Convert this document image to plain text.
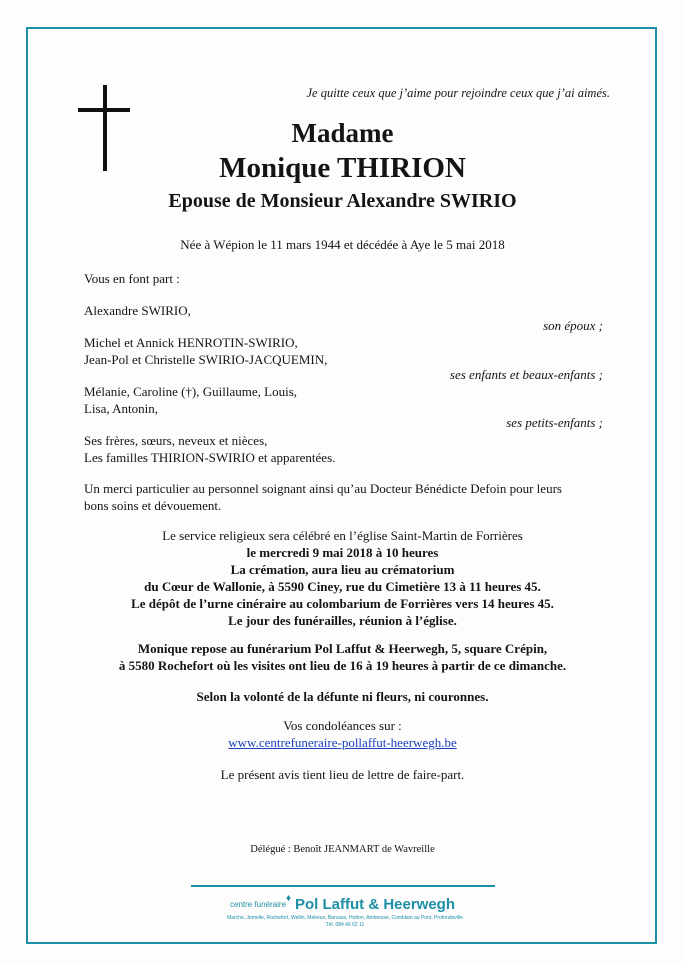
Je quitte ceux que j’aime pour rejoindre ceux que j’ai aimés.
Madame
Monique THIRION
Epouse de Monsieur Alexandre SWIRIO
Née à Wépion le 11 mars 1944 et décédée à Aye le 5 mai 2018
Vous en font part :
Alexandre SWIRIO,
son époux ;
Michel et Annick HENROTIN-SWIRIO,
Jean-Pol et Christelle SWIRIO-JACQUEMIN,
ses enfants et beaux-enfants ;
Mélanie, Caroline (†), Guillaume, Louis,
Lisa, Antonin,
ses petits-enfants ;
Ses frères, sœurs, neveux et nièces,
Les familles THIRION-SWIRIO et apparentées.
Un merci particulier au personnel soignant ainsi qu’au Docteur Bénédicte Defoin pour leurs
bons soins et dévouement.
Le service religieux sera célébré en l’église Saint-Martin de Forrières
le mercredi 9 mai 2018 à 10 heures
La crémation, aura lieu au crématorium
du Cœur de Wallonie, à 5590 Ciney, rue du Cimetière 13 à 11 heures 45.
Le dépôt de l’urne cinéraire au colombarium de Forrières vers 14 heures 45.
Le jour des funérailles, réunion à l’église.
Monique repose au funérarium Pol Laffut & Heerwegh, 5, square Crépin,
à 5580 Rochefort où les visites ont lieu de 16 à 19 heures à partir de ce dimanche.
Selon la volonté de la défunte ni fleurs, ni couronnes.
Vos condoléances sur :
www.centrefuneraire-pollaffut-heerwegh.be
Le présent avis tient lieu de lettre de faire-part.
Délégué : Benoît JEANMART de Wavreille
centre funéraire
♦ Pol Laffut & Heerwegh
Marche, Jemelle, Rochefort, Wellin, Melreux, Barvaux, Hotton, Ambresse, Comblain au Pont, Profondeville
Tél. 084 46 62 11
